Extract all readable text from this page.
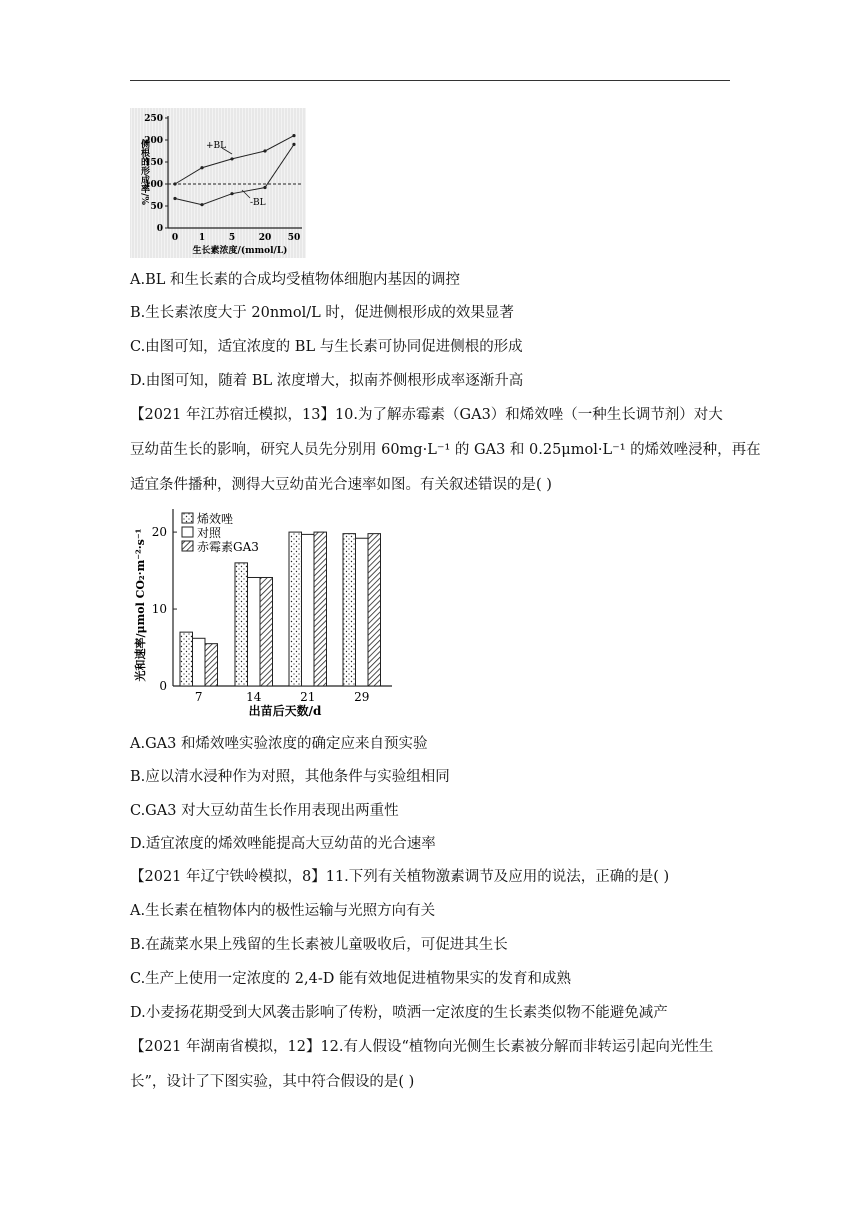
0
50
100
150
200
250
0 1	5	20 50
+BL
-BL
侧根的形成率/%
生长素浓度/(mmol/L)
A.BL 和生长素的合成均受植物体细胞内基因的调控
B.生长素浓度大于 20nmol/L 时，促进侧根形成的效果显著
C.由图可知，适宜浓度的 BL 与生长素可协同促进侧根的形成
D.由图可知，随着 BL 浓度增大，拟南芥侧根形成率逐渐升高
【2021 年江苏宿迁模拟，13】10.为了解赤霉素（GA3）和烯效唑（一种生长调节剂）对大
豆幼苗生长的影响，研究人员先分别用 60mg·L⁻¹ 的 GA3 和 0.25μmol·L⁻¹ 的烯效唑浸种，再在
适宜条件播种，测得大豆幼苗光合速率如图。有关叙述错误的是( )
0
10
20
7	14	21	29
烯效唑
对照
赤霉素GA3
光和速率/μmol CO₂·m⁻²·s⁻¹
出苗后天数/d
A.GA3 和烯效唑实验浓度的确定应来自预实验
B.应以清水浸种作为对照，其他条件与实验组相同
C.GA3 对大豆幼苗生长作用表现出两重性
D.适宜浓度的烯效唑能提高大豆幼苗的光合速率
【2021 年辽宁铁岭模拟，8】11.下列有关植物激素调节及应用的说法，正确的是( )
A.生长素在植物体内的极性运输与光照方向有关
B.在蔬菜水果上残留的生长素被儿童吸收后，可促进其生长
C.生产上使用一定浓度的 2,4-D 能有效地促进植物果实的发育和成熟
D.小麦扬花期受到大风袭击影响了传粉，喷洒一定浓度的生长素类似物不能避免减产
【2021 年湖南省模拟，12】12.有人假设“植物向光侧生长素被分解而非转运引起向光性生
长”，设计了下图实验，其中符合假设的是( )
